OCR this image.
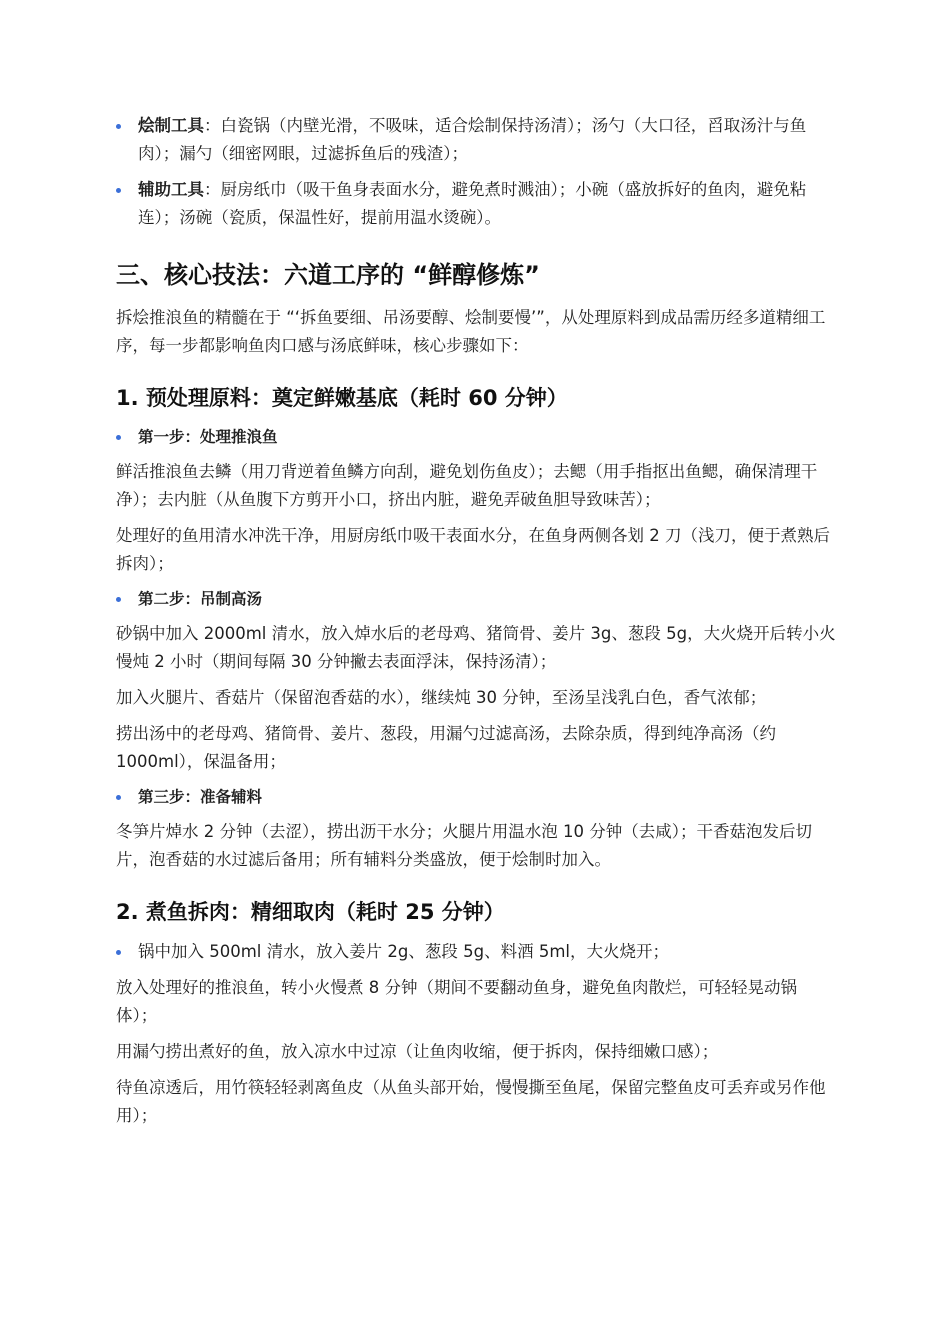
烩制工具：白瓷锅（内壁光滑，不吸味，适合烩制保持汤清）；汤勺（大口径，舀取汤汁与鱼肉）；漏勺（细密网眼，过滤拆鱼后的残渣）；
辅助工具：厨房纸巾（吸干鱼身表面水分，避免煮时溅油）；小碗（盛放拆好的鱼肉，避免粘连）；汤碗（瓷质，保温性好，提前用温水烫碗）。
三、核心技法：六道工序的 “鲜醇修炼”
拆烩推浪鱼的精髓在于 “‘拆鱼要细、吊汤要醇、烩制要慢’”，从处理原料到成品需历经多道精细工序，每一步都影响鱼肉口感与汤底鲜味，核心步骤如下：
1. 预处理原料：奠定鲜嫩基底（耗时 60 分钟）
第一步：处理推浪鱼
鲜活推浪鱼去鳞（用刀背逆着鱼鳞方向刮，避免划伤鱼皮）；去鳃（用手指抠出鱼鳃，确保清理干净）；去内脏（从鱼腹下方剪开小口，挤出内脏，避免弄破鱼胆导致味苦）；
处理好的鱼用清水冲洗干净，用厨房纸巾吸干表面水分，在鱼身两侧各划 2 刀（浅刀，便于煮熟后拆肉）；
第二步：吊制高汤
砂锅中加入 2000ml 清水，放入焯水后的老母鸡、猪筒骨、姜片 3g、葱段 5g，大火烧开后转小火慢炖 2 小时（期间每隔 30 分钟撇去表面浮沫，保持汤清）；
加入火腿片、香菇片（保留泡香菇的水），继续炖 30 分钟，至汤呈浅乳白色，香气浓郁；
捞出汤中的老母鸡、猪筒骨、姜片、葱段，用漏勺过滤高汤，去除杂质，得到纯净高汤（约 1000ml），保温备用；
第三步：准备辅料
冬笋片焯水 2 分钟（去涩），捞出沥干水分；火腿片用温水泡 10 分钟（去咸）；干香菇泡发后切片，泡香菇的水过滤后备用；所有辅料分类盛放，便于烩制时加入。
2. 煮鱼拆肉：精细取肉（耗时 25 分钟）
锅中加入 500ml 清水，放入姜片 2g、葱段 5g、料酒 5ml，大火烧开；
放入处理好的推浪鱼，转小火慢煮 8 分钟（期间不要翻动鱼身，避免鱼肉散烂，可轻轻晃动锅体）；
用漏勺捞出煮好的鱼，放入凉水中过凉（让鱼肉收缩，便于拆肉，保持细嫩口感）；
待鱼凉透后，用竹筷轻轻剥离鱼皮（从鱼头部开始，慢慢撕至鱼尾，保留完整鱼皮可丢弃或另作他用）；
